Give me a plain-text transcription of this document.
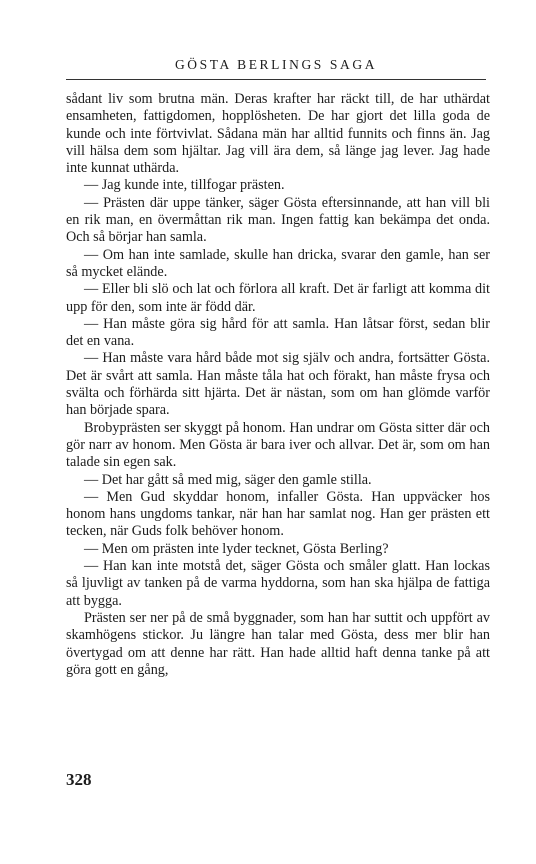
GÖSTA BERLINGS SAGA

sådant liv som brutna män. Deras krafter har räckt till, de har uthärdat ensamheten, fattigdomen, hopplösheten. De har gjort det lilla goda de kunde och inte förtvivlat. Sådana män har alltid funnits och finns än. Jag vill hälsa dem som hjältar. Jag vill ära dem, så länge jag lever. Jag hade inte kunnat uthärda.

— Jag kunde inte, tillfogar prästen.

— Prästen där uppe tänker, säger Gösta eftersinnande, att han vill bli en rik man, en övermåttan rik man. Ingen fattig kan bekämpa det onda. Och så börjar han samla.

— Om han inte samlade, skulle han dricka, svarar den gamle, han ser så mycket elände.

— Eller bli slö och lat och förlora all kraft. Det är farligt att komma dit upp för den, som inte är född där.

— Han måste göra sig hård för att samla. Han låtsar först, sedan blir det en vana.

— Han måste vara hård både mot sig själv och andra, fortsätter Gösta. Det är svårt att samla. Han måste tåla hat och förakt, han måste frysa och svälta och förhärda sitt hjärta. Det är nästan, som om han glömde varför han började spara.

Brobyprästen ser skyggt på honom. Han undrar om Gösta sitter där och gör narr av honom. Men Gösta är bara iver och allvar. Det är, som om han talade sin egen sak.

— Det har gått så med mig, säger den gamle stilla.

— Men Gud skyddar honom, infaller Gösta. Han uppväcker hos honom hans ungdoms tankar, när han har samlat nog. Han ger prästen ett tecken, när Guds folk behöver honom.

— Men om prästen inte lyder tecknet, Gösta Berling?

— Han kan inte motstå det, säger Gösta och småler glatt. Han lockas så ljuvligt av tanken på de varma hyddorna, som han ska hjälpa de fattiga att bygga.

Prästen ser ner på de små byggnader, som han har suttit och uppfört av skamhögens stickor. Ju längre han talar med Gösta, dess mer blir han övertygad om att denne har rätt. Han hade alltid haft denna tanke på att göra gott en gång,

328
